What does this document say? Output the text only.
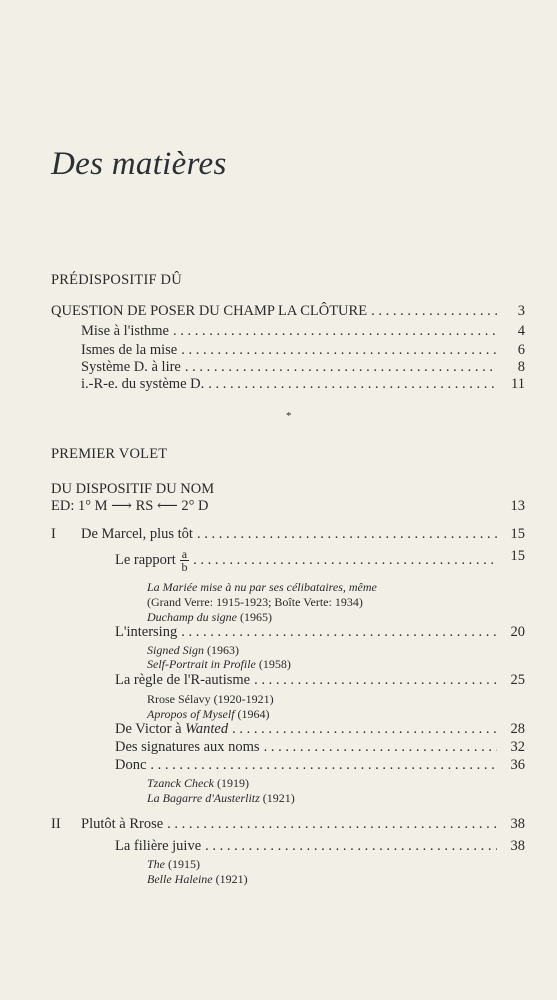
Des matières
PRÉDISPOSITIF DÛ
QUESTION DE POSER DU CHAMP LA CLÔTURE . . .	3
Mise à l'isthme . . .	4
Ismes de la mise . . .	6
Système D. à lire . . .	8
i.-R-e. du système D. . . .	11
*
PREMIER VOLET
DU DISPOSITIF DU NOM
ED: 1° M ⟶ RS ⟵ 2° D	13
I De Marcel, plus tôt . . .	15
Le rapport $\frac{a}{b}$ . . .	15
La Mariée mise à nu par ses célibataires, même
(Grand Verre: 1915-1923; Boîte Verte: 1934)
Duchamp du signe (1965)
L'intersing . . .	20
Signed Sign (1963)
Self-Portrait in Profile (1958)
La règle de l'R-autisme . . .	25
Rrose Sélavy (1920-1921)
Apropos of Myself (1964)
De Victor à Wanted . . .	28
Des signatures aux noms . . .	32
Donc . . .	36
Tzanck Check (1919)
La Bagarre d'Austerlitz (1921)
II Plutôt à Rrose . . .	38
La filière juive . . .	38
The (1915)
Belle Haleine (1921)
